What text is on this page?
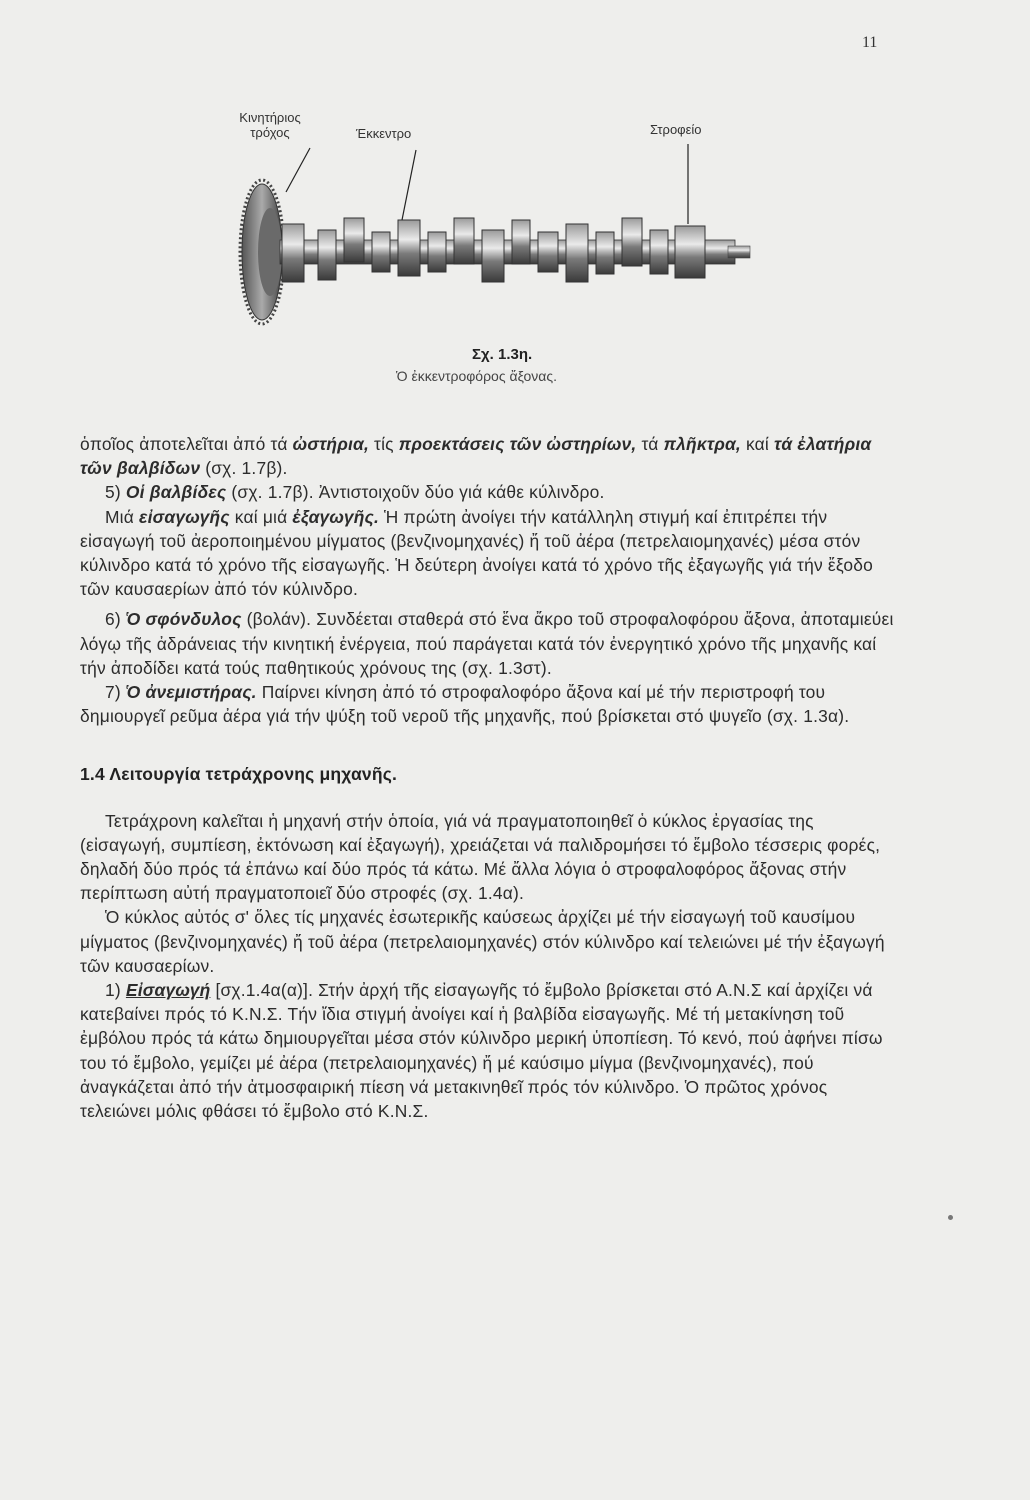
11
Κινητήριος
τρόχος	Έκκεντρο	Στροφείο
Σχ. 1.3η.
Ὁ ἐκκεντροφόρος ἄξονας.

ὁποῖος ἀποτελεῖται ἀπό τά ὠστήρια, τίς προεκτάσεις τῶν ὠστηρίων, τά πλῆκτρα, καί τά ἐλατήρια τῶν βαλβίδων (σχ. 1.7β).

5) Οἱ βαλβίδες (σχ. 1.7β). Ἀντιστοιχοῦν δύο γιά κάθε κύλινδρο.

Μιά εἰσαγωγῆς καί μιά ἐξαγωγῆς. Ἡ πρώτη ἀνοίγει τήν κατάλληλη στιγμή καί ἐπιτρέπει τήν εἰσαγωγή τοῦ ἀεροποιημένου μίγματος (βενζινομηχανές) ἤ τοῦ ἀέρα (πετρελαιομηχανές) μέσα στόν κύλινδρο κατά τό χρόνο τῆς εἰσαγωγῆς. Ἡ δεύτερη ἀνοίγει κατά τό χρόνο τῆς ἐξαγωγῆς γιά τήν ἔξοδο τῶν καυσαερίων ἀπό τόν κύλινδρο.

6) Ὁ σφόνδυλος (βολάν). Συνδέεται σταθερά στό ἕνα ἄκρο τοῦ στροφαλοφόρου ἄξονα, ἀποταμιεύει λόγῳ τῆς ἀδράνειας τήν κινητική ἐνέργεια, πού παράγεται κατά τόν ἐνεργητικό χρόνο τῆς μηχανῆς καί τήν ἀποδίδει κατά τούς παθητικούς χρόνους της (σχ. 1.3στ).

7) Ὁ ἀνεμιστήρας. Παίρνει κίνηση ἀπό τό στροφαλοφόρο ἄξονα καί μέ τήν περιστροφή του δημιουργεῖ ρεῦμα ἀέρα γιά τήν ψύξη τοῦ νεροῦ τῆς μηχανῆς, πού βρίσκεται στό ψυγεῖο (σχ. 1.3α).

1.4 Λειτουργία τετράχρονης μηχανῆς.

Τετράχρονη καλεῖται ἡ μηχανή στήν ὁποία, γιά νά πραγματοποιηθεῖ ὁ κύκλος ἐργασίας της (εἰσαγωγή, συμπίεση, ἐκτόνωση καί ἐξαγωγή), χρειάζεται νά παλιδρομήσει τό ἔμβολο τέσσερις φορές, δηλαδή δύο πρός τά ἐπάνω καί δύο πρός τά κάτω. Μέ ἄλλα λόγια ὁ στροφαλοφόρος ἄξονας στήν περίπτωση αὐτή πραγματοποιεῖ δύο στροφές (σχ. 1.4α).

Ὁ κύκλος αὐτός σ' ὅλες τίς μηχανές ἐσωτερικῆς καύσεως ἀρχίζει μέ τήν εἰσαγωγή τοῦ καυσίμου μίγματος (βενζινομηχανές) ἤ τοῦ ἀέρα (πετρελαιομηχανές) στόν κύλινδρο καί τελειώνει μέ τήν ἐξαγωγή τῶν καυσαερίων.

1) Εἰσαγωγή [σχ.1.4α(α)]. Στήν ἀρχή τῆς εἰσαγωγῆς τό ἔμβολο βρίσκεται στό Α.Ν.Σ καί ἀρχίζει νά κατεβαίνει πρός τό Κ.Ν.Σ. Τήν ἴδια στιγμή ἀνοίγει καί ἡ βαλβίδα εἰσαγωγῆς. Μέ τή μετακίνηση τοῦ ἐμβόλου πρός τά κάτω δημιουργεῖται μέσα στόν κύλινδρο μερική ὑποπίεση. Τό κενό, πού ἀφήνει πίσω του τό ἔμβολο, γεμίζει μέ ἀέρα (πετρελαιομηχανές) ἤ μέ καύσιμο μίγμα (βενζινομηχανές), πού ἀναγκάζεται ἀπό τήν ἀτμοσφαιρική πίεση νά μετακινηθεῖ πρός τόν κύλινδρο. Ὁ πρῶτος χρόνος τελειώνει μόλις φθάσει τό ἔμβολο στό Κ.Ν.Σ.
